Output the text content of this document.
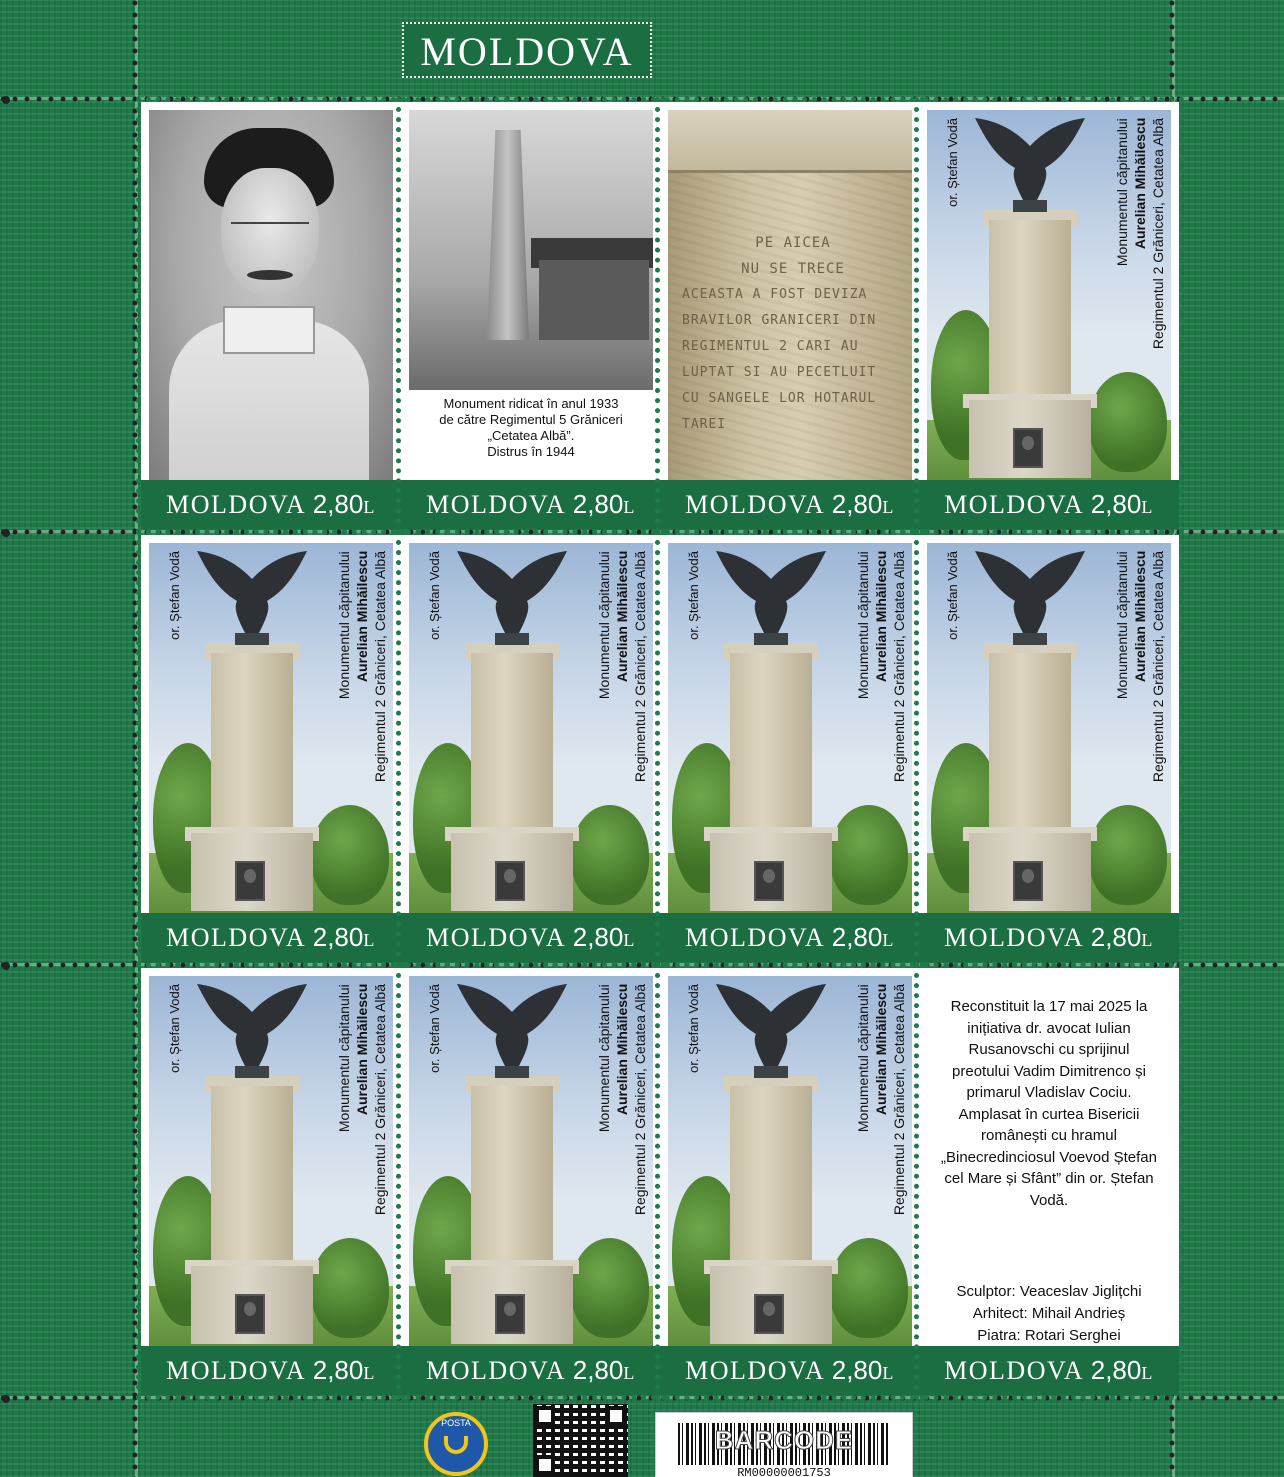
MOLDOVA
MOLDOVA 2,80L
Monument ridicat în anul 1933
de către Regimentul 5 Grăniceri
„Cetatea Albă”.
Distrus în 1944
MOLDOVA 2,80L
PE AICEA
NU SE TRECE
ACEASTA A FOST DEVIZA
BRAVILOR GRANICERI DIN
REGIMENTUL 2 CARI AU
LUPTAT SI AU PECETLUIT
CU SANGELE LOR HOTARUL
TAREI
MOLDOVA 2,80L
or. Ștefan Vodă	Monumentul căpitanului Aurelian Mihăilescu Regimentul 2 Grăniceri, Cetatea Albă
MOLDOVA 2,80L
or. Ștefan Vodă	Monumentul căpitanului Aurelian Mihăilescu Regimentul 2 Grăniceri, Cetatea Albă
MOLDOVA 2,80L
or. Ștefan Vodă	Monumentul căpitanului Aurelian Mihăilescu Regimentul 2 Grăniceri, Cetatea Albă
MOLDOVA 2,80L
or. Ștefan Vodă	Monumentul căpitanului Aurelian Mihăilescu Regimentul 2 Grăniceri, Cetatea Albă
MOLDOVA 2,80L
or. Ștefan Vodă	Monumentul căpitanului Aurelian Mihăilescu Regimentul 2 Grăniceri, Cetatea Albă
MOLDOVA 2,80L
or. Ștefan Vodă	Monumentul căpitanului Aurelian Mihăilescu Regimentul 2 Grăniceri, Cetatea Albă
MOLDOVA 2,80L
or. Ștefan Vodă	Monumentul căpitanului Aurelian Mihăilescu Regimentul 2 Grăniceri, Cetatea Albă
MOLDOVA 2,80L
or. Ștefan Vodă	Monumentul căpitanului Aurelian Mihăilescu Regimentul 2 Grăniceri, Cetatea Albă
MOLDOVA 2,80L
Reconstituit la 17 mai 2025 la inițiativa dr. avocat Iulian Rusanovschi cu sprijinul preotului Vadim Dimitrenco și primarul Vladislav Cociu. Amplasat în curtea Bisericii românești cu hramul „Binecredinciosul Voevod Ștefan cel Mare și Sfânt” din or. Ștefan Vodă.
Sculptor: Veaceslav Jiglițchi
Arhitect: Mihail Andrieș
Piatra: Rotari Serghei
MOLDOVA 2,80L
POSTA
BARCODE
RM00000001753
